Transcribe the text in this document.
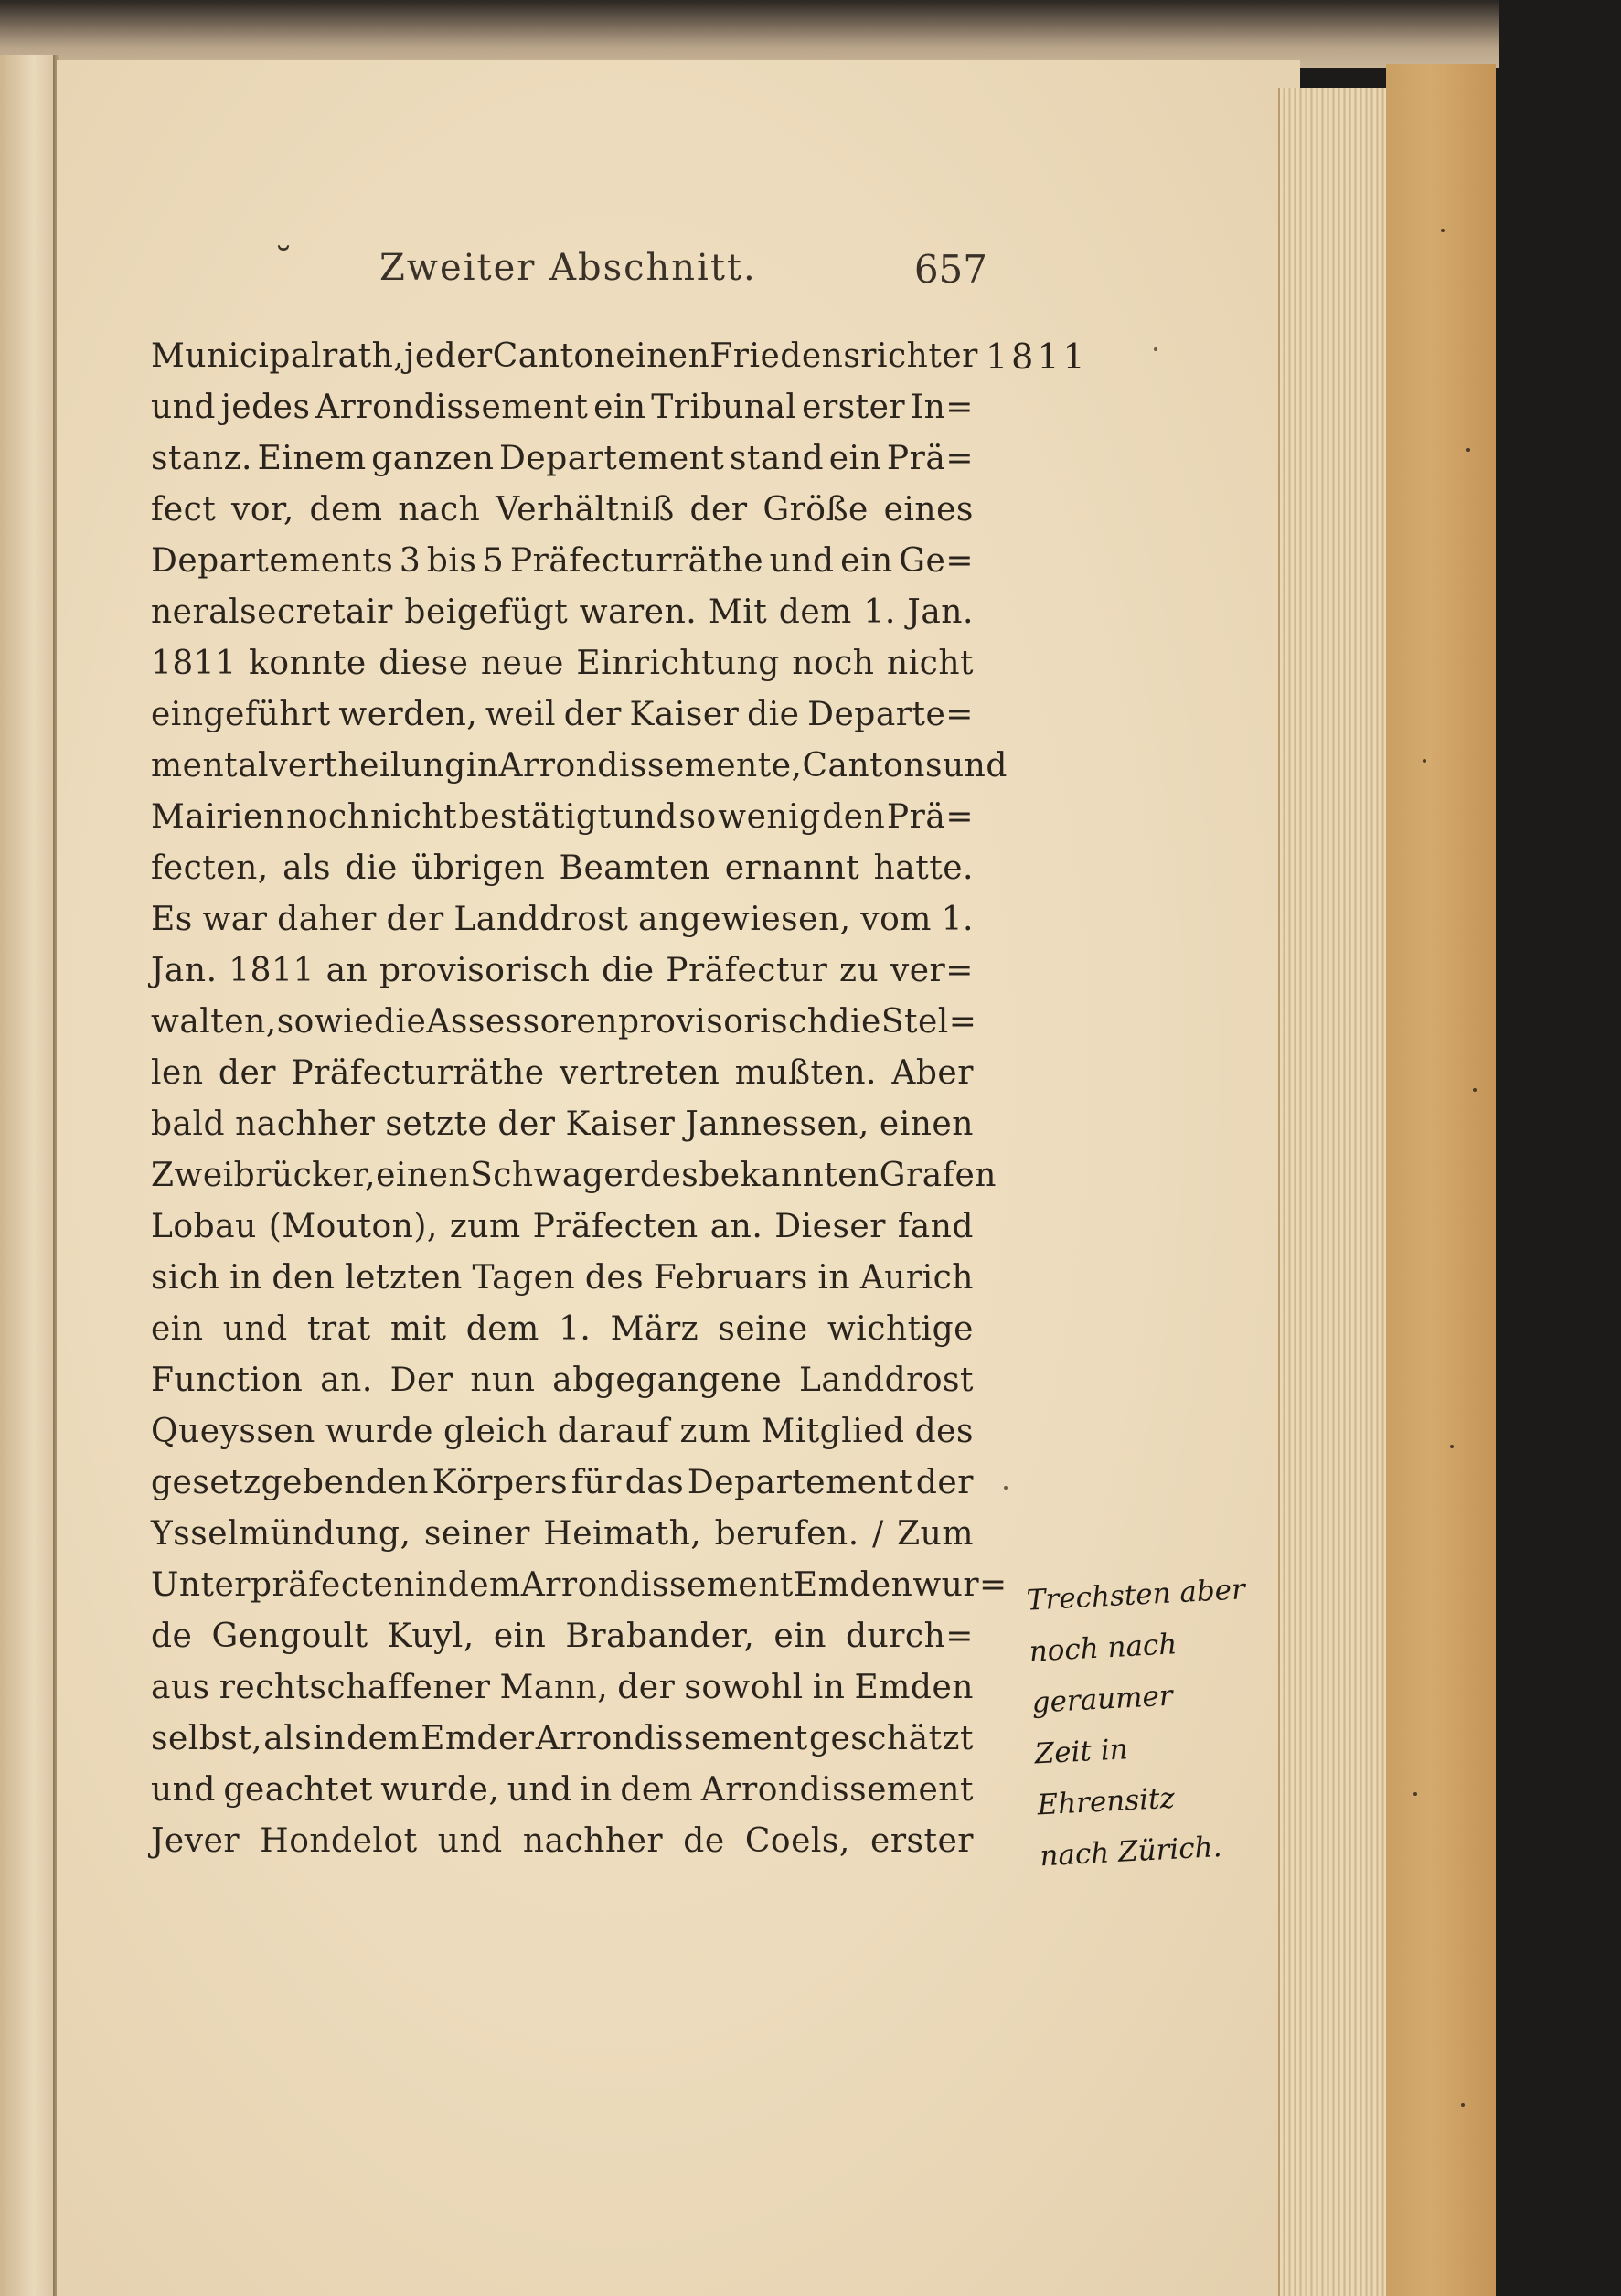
˘ Zweiter Abschnitt.	657
1811
Municipalrath, jeder Canton einen Friedensrichter
und jedes Arrondissement ein Tribunal erster In=
stanz. Einem ganzen Departement stand ein Prä=
fect vor, dem nach Verhältniß der Größe eines
Departements 3 bis 5 Präfecturräthe und ein Ge=
neralsecretair beigefügt waren. Mit dem 1. Jan.
1811 konnte diese neue Einrichtung noch nicht
eingeführt werden, weil der Kaiser die Departe=
mentalvertheilung in Arrondissemente, Cantons und
Mairien noch nicht bestätigt und so wenig den Prä=
fecten, als die übrigen Beamten ernannt hatte.
Es war daher der Landdrost angewiesen, vom 1.
Jan. 1811 an provisorisch die Präfectur zu ver=
walten, so wie die Assessoren provisorisch die Stel=
len der Präfecturräthe vertreten mußten. Aber
bald nachher setzte der Kaiser Jannessen, einen
Zweibrücker, einen Schwager des bekannten Grafen
Lobau (Mouton), zum Präfecten an. Dieser fand
sich in den letzten Tagen des Februars in Aurich
ein und trat mit dem 1. März seine wichtige
Function an. Der nun abgegangene Landdrost
Queyssen wurde gleich darauf zum Mitglied des
gesetzgebenden Körpers für das Departement der
Ysselmündung, seiner Heimath, berufen. / Zum
Unterpräfecten in dem Arrondissement Emden wur=
de Gengoult Kuyl, ein Brabander, ein durch=
aus rechtschaffener Mann, der sowohl in Emden
selbst, als in dem Emder Arrondissement geschätzt
und geachtet wurde, und in dem Arrondissement
Jever Hondelot und nachher de Coels, erster
Trechsten aber
noch nach
geraumer
Zeit in
Ehrensitz
nach Zürich.
